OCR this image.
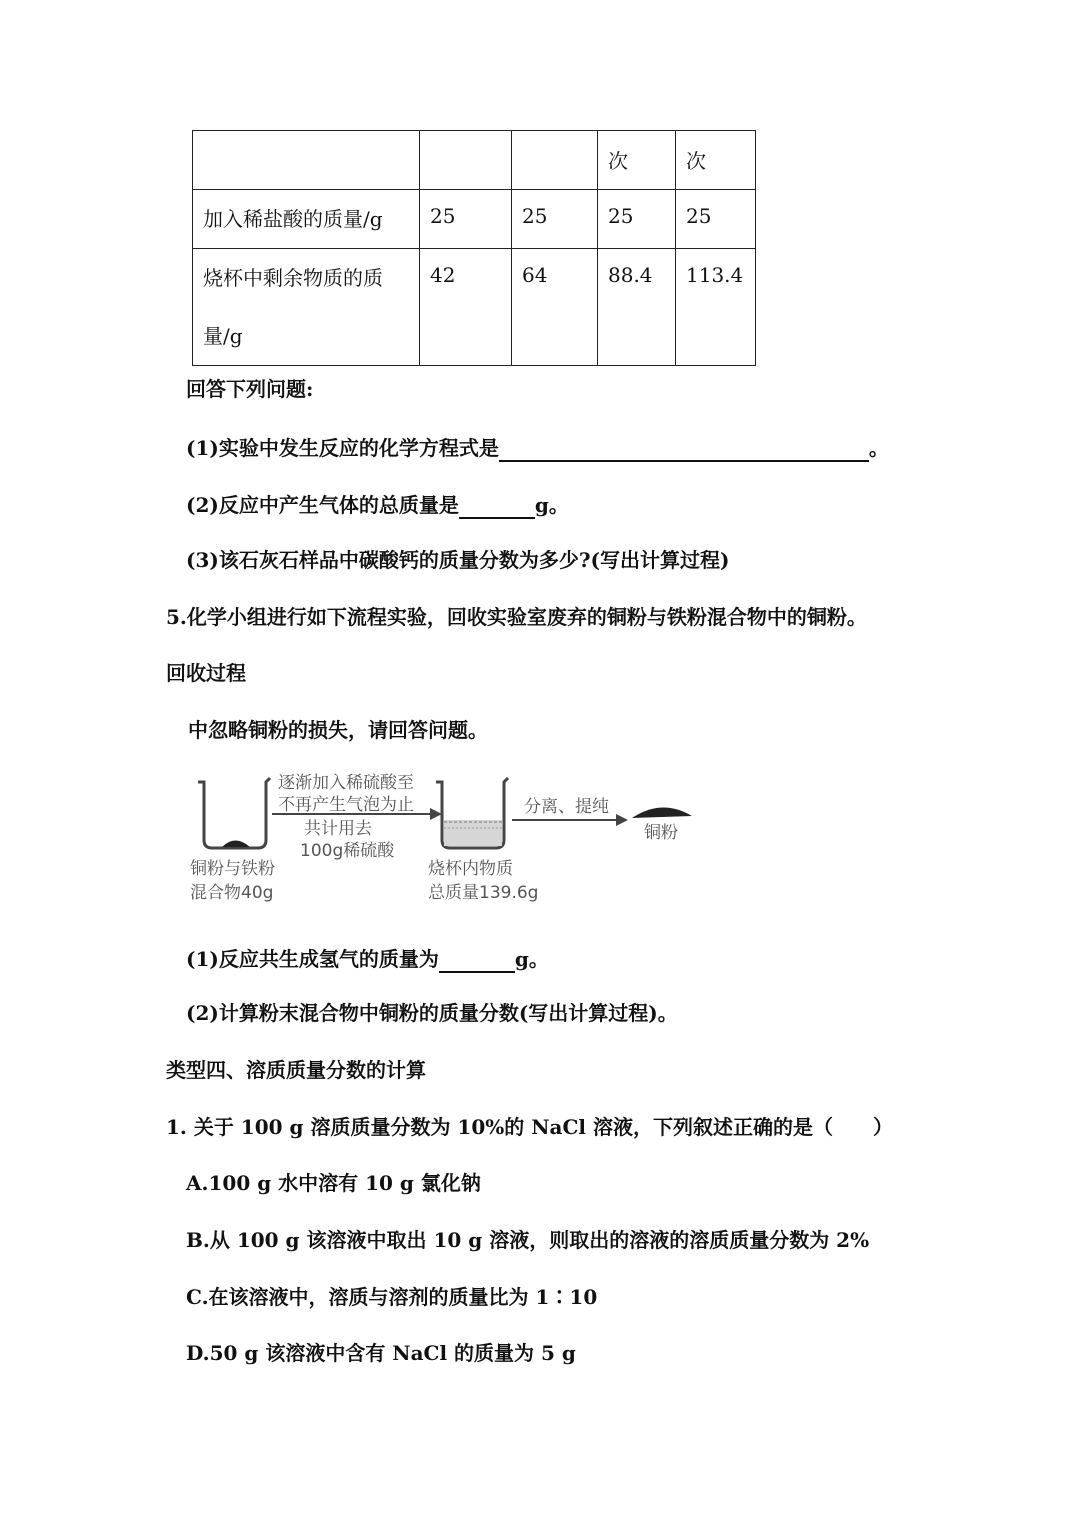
			次	次

加入稀盐酸的质量/g	25	25	25	25

烧杯中剩余物质的质
量/g	42	64	88.4	113.4
回答下列问题:
(1)实验中发生反应的化学方程式是	。
(2)反应中产生气体的总质量是	g。
(3)该石灰石样品中碳酸钙的质量分数为多少?(写出计算过程)
5.化学小组进行如下流程实验，回收实验室废弃的铜粉与铁粉混合物中的铜粉。
回收过程
中忽略铜粉的损失，请回答问题。
逐渐加入稀硫酸至
不再产生气泡为止
共计用去
100g稀硫酸
铜粉与铁粉
混合物40g
烧杯内物质
总质量139.6g
分离、提纯
铜粉
(1)反应共生成氢气的质量为	g。
(2)计算粉末混合物中铜粉的质量分数(写出计算过程)。
类型四、溶质质量分数的计算
1. 关于 100 g 溶质质量分数为 10%的 NaCl 溶液，下列叙述正确的是（　　）
A.100 g 水中溶有 10 g 氯化钠
B.从 100 g 该溶液中取出 10 g 溶液，则取出的溶液的溶质质量分数为 2%
C.在该溶液中，溶质与溶剂的质量比为 1∶10
D.50 g 该溶液中含有 NaCl 的质量为 5 g
